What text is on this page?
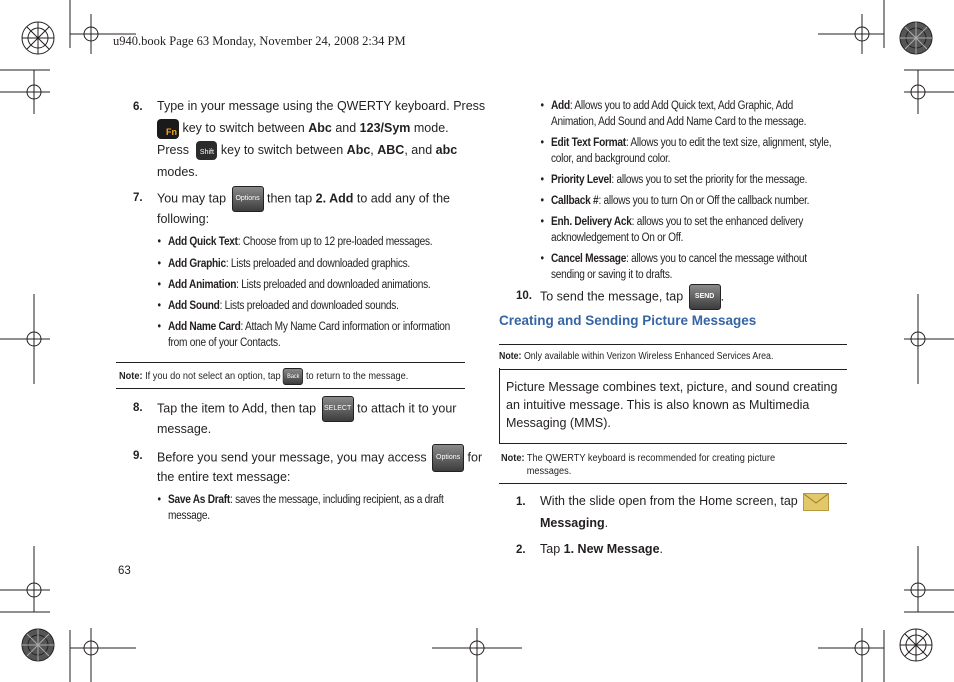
u940.book Page 63 Monday, November 24, 2008 2:34 PM
6. Type in your message using the QWERTY keyboard. Press
Fn key to switch between Abc and 123/Sym mode.
Press Shift key to switch between Abc, ABC, and abc
modes.
7. You may tap Options then tap 2. Add to add any of the
following:
• Add Quick Text: Choose from up to 12 pre-loaded messages.
• Add Graphic: Lists preloaded and downloaded graphics.
• Add Animation: Lists preloaded and downloaded animations.
• Add Sound: Lists preloaded and downloaded sounds.
• Add Name Card: Attach My Name Card information or information
from one of your Contacts.
Note: If you do not select an option, tap Back to return to the message.
8. Tap the item to Add, then tap SELECT to attach it to your
message.
9. Before you send your message, you may access Options for
the entire text message:
• Save As Draft: saves the message, including recipient, as a draft
message.
63
• Add: Allows you to add Add Quick text, Add Graphic, Add
Animation, Add Sound and Add Name Card to the message.
• Edit Text Format: Allows you to edit the text size, alignment, style,
color, and background color.
• Priority Level: allows you to set the priority for the message.
• Callback #: allows you to turn On or Off the callback number.
• Enh. Delivery Ack: allows you to set the enhanced delivery
acknowledgement to On or Off.
• Cancel Message: allows you to cancel the message without
sending or saving it to drafts.
10. To send the message, tap SEND .
Creating and Sending Picture Messages
Note: Only available within Verizon Wireless Enhanced Services Area.
Picture Message combines text, picture, and sound creating an intuitive message. This is also known as Multimedia Messaging (MMS).
Note: The QWERTY keyboard is recommended for creating picture
messages.
1. With the slide open from the Home screen, tap
Messaging.
2. Tap 1. New Message.
